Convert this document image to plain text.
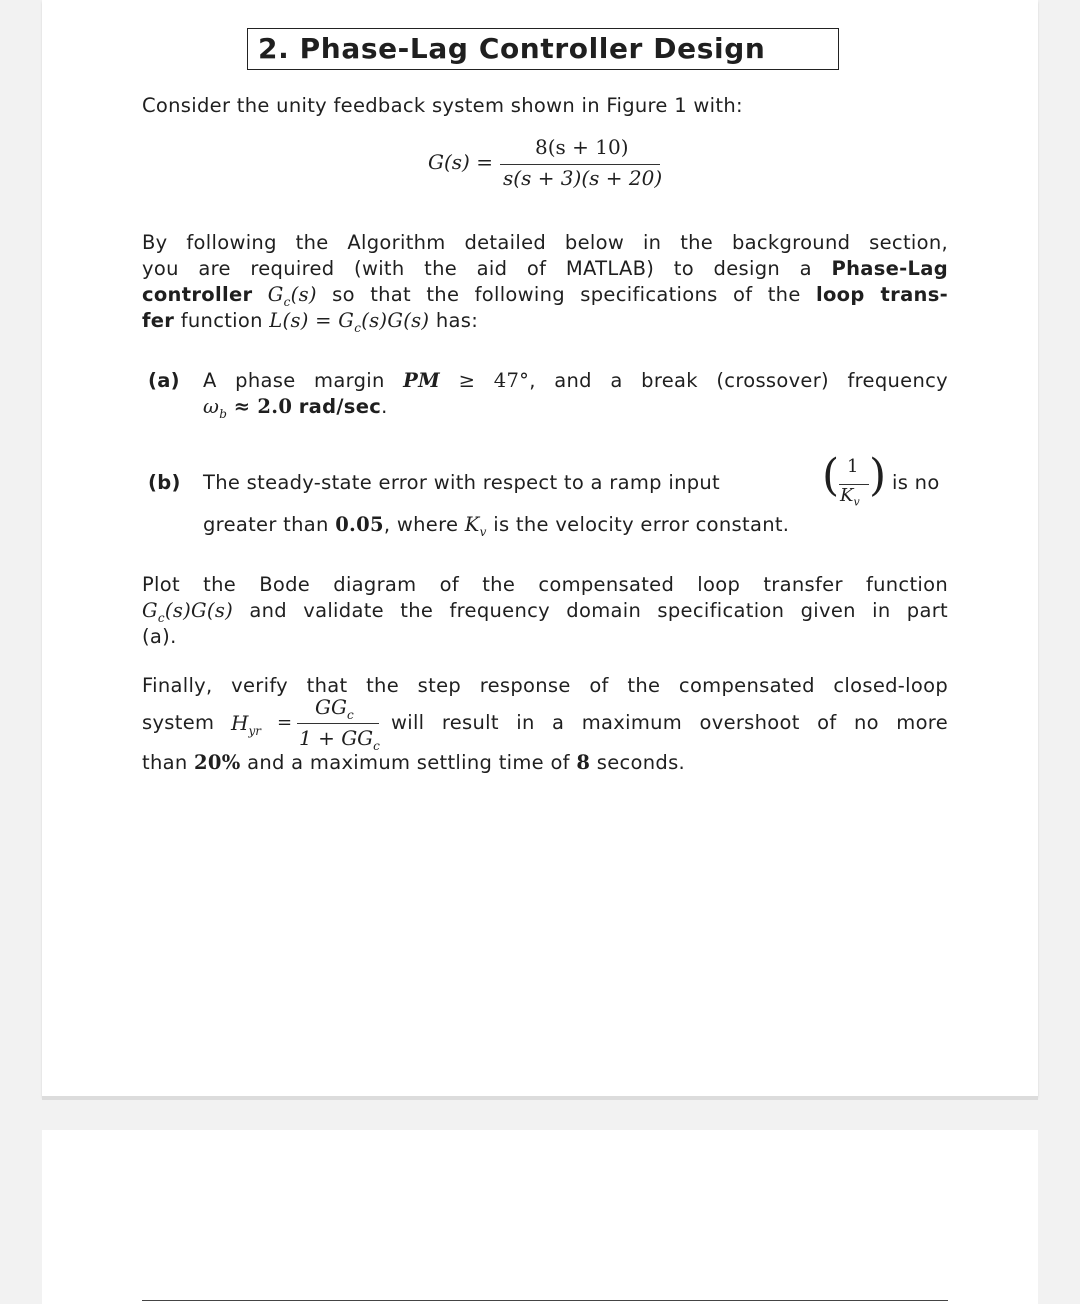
2. Phase-Lag Controller Design
Consider the unity feedback system shown in Figure 1 with:
G(s) =
8(s + 10)
s(s + 3)(s + 20)
By following the Algorithm detailed below in the background section,
you are required (with the aid of MATLAB) to design a Phase-Lag
controller $G_c(s)$ so that the following specifications of the loop trans-
fer function $L(s) = G_c(s)G(s)$ has:
(a) A phase margin PM ≥ 47°, and a break (crossover) frequency
$\omega_b \approx 2.0$ rad/sec.
(b) The steady-state error with respect to a ramp input ( 1
$K_v$
) is no
greater than 0.05, where $K_v$ is the velocity error constant.
Plot the Bode diagram of the compensated loop transfer function
$G_c(s)G(s)$ and validate the frequency domain specification given in part
(a).
Finally, verify that the step response of the compensated closed-loop
system $H_{yr}$ =
$GG_c$
$1 + GG_c$
will result in a maximum overshoot of no more
than 20% and a maximum settling time of 8 seconds.
